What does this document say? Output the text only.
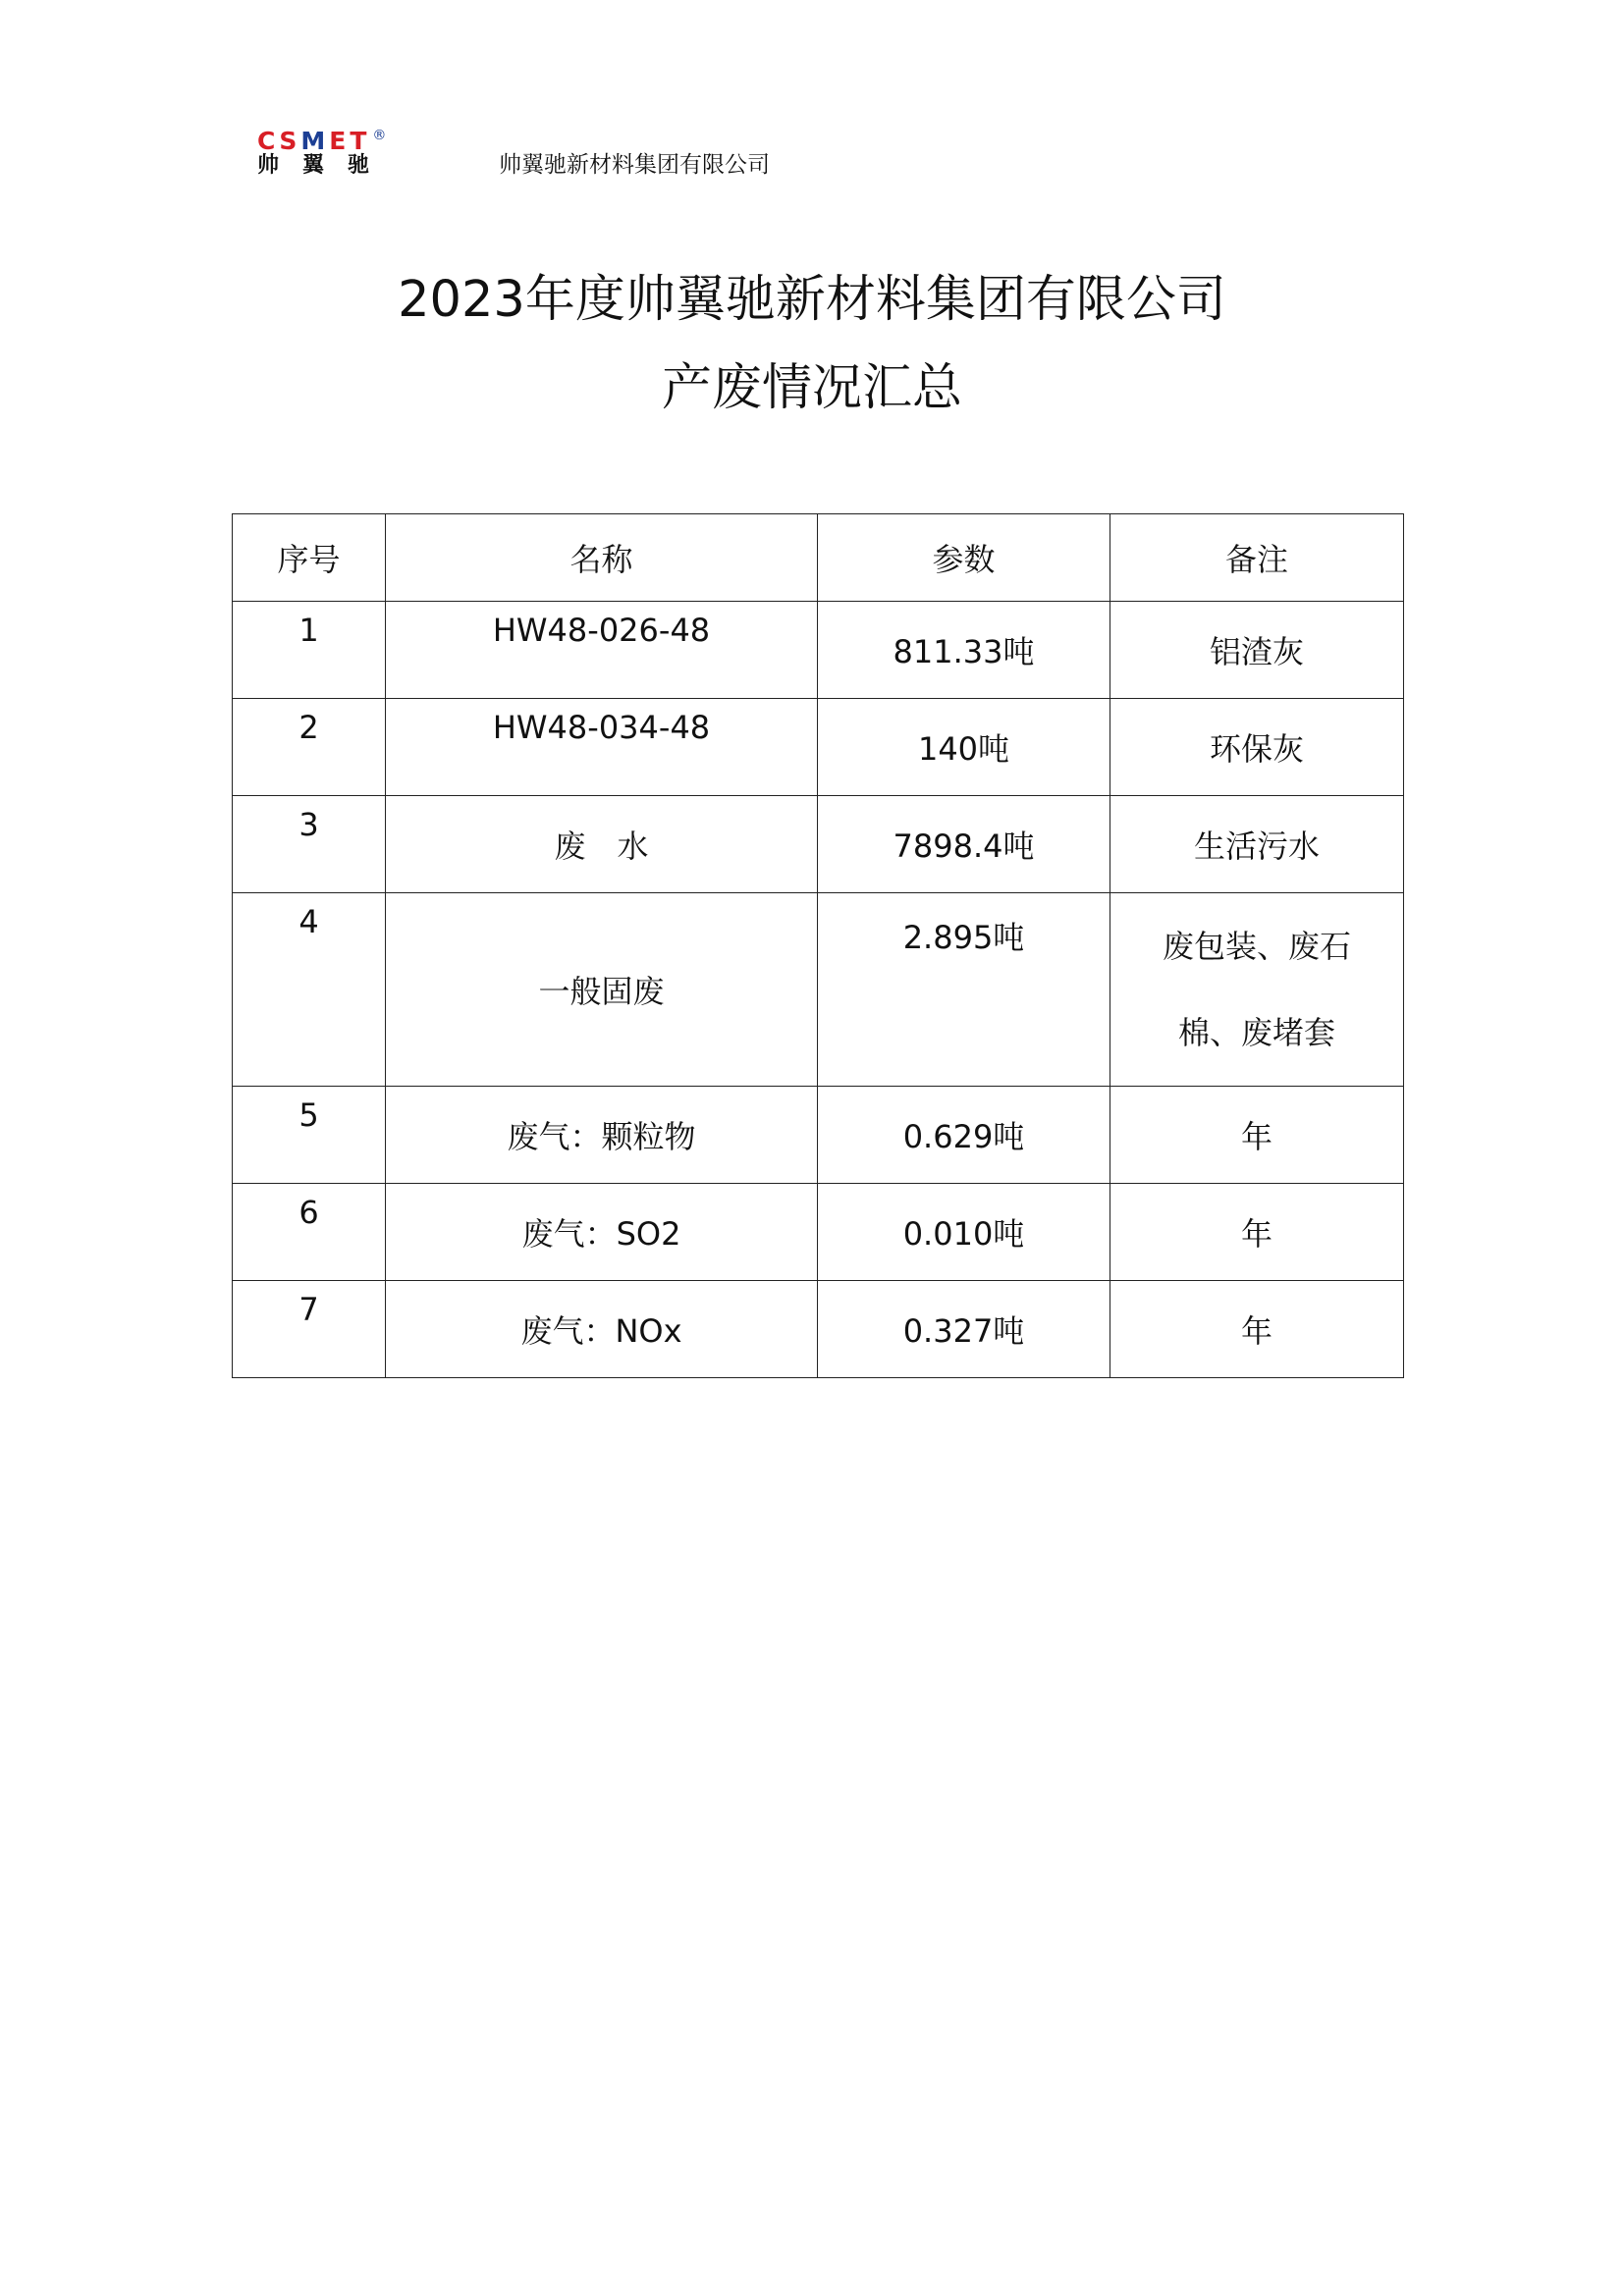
C S M E T ®
帅 翼 驰	帅翼驰新材料集团有限公司
2023年度帅翼驰新材料集团有限公司
产废情况汇总
序号	名称	参数	备注
1	HW48-026-48	811.33吨	铝渣灰
2	HW48-034-48	140吨	环保灰
3	废　水	7898.4吨	生活污水
4	一般固废	2.895吨	废包装、废石
棉、废堵套

5	废气：颗粒物	0.629吨	年
6	废气：SO2	0.010吨	年
7	废气：NOx	0.327吨	年
